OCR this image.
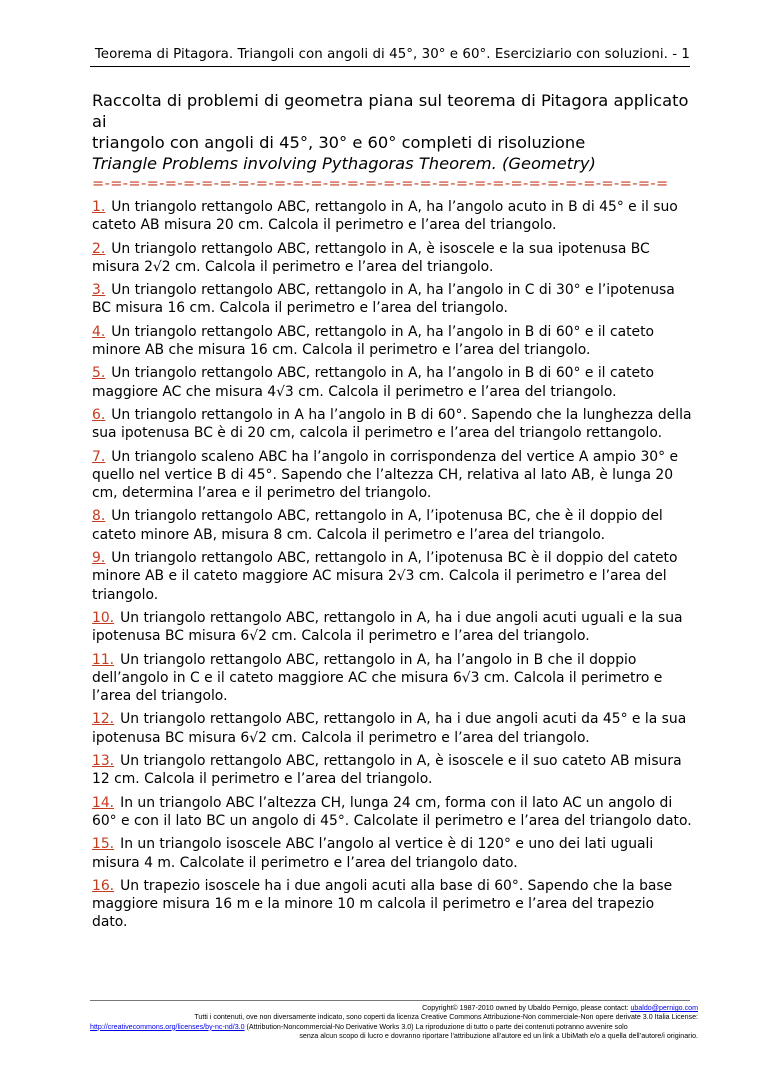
Teorema di Pitagora. Triangoli con angoli di 45°, 30° e 60°. Eserciziario con soluzioni. - 1

Raccolta di problemi di geometra piana sul teorema di Pitagora applicato ai

triangolo con angoli di 45°, 30° e 60° completi di risoluzione

Triangle Problems involving Pythagoras Theorem. (Geometry)

=-=-=-=-=-=-=-=-=-=-=-=-=-=-=-=-=-=-=-=-=-=-=-=-=-=-=-=-=-=-=-=

1. Un triangolo rettangolo ABC, rettangolo in A, ha l’angolo acuto in B di 45° e il suo cateto AB misura 20 cm. Calcola il perimetro e l’area del triangolo.

2. Un triangolo rettangolo ABC, rettangolo in A, è isoscele e la sua ipotenusa BC misura 2√2 cm. Calcola il perimetro e l’area del triangolo.

3. Un triangolo rettangolo ABC, rettangolo in A, ha l’angolo in C di 30° e l’ipotenusa BC misura 16 cm. Calcola il perimetro e l’area del triangolo.

4. Un triangolo rettangolo ABC, rettangolo in A, ha l’angolo in B di 60° e il cateto minore AB che misura 16 cm. Calcola il perimetro e l’area del triangolo.

5. Un triangolo rettangolo ABC, rettangolo in A, ha l’angolo in B di 60° e il cateto maggiore AC che misura 4√3 cm. Calcola il perimetro e l’area del triangolo.

6. Un triangolo rettangolo in A ha l’angolo in B di 60°. Sapendo che la lunghezza della sua ipotenusa BC è di 20 cm, calcola il perimetro e l’area del triangolo rettangolo.

7. Un triangolo scaleno ABC ha l’angolo in corrispondenza del vertice A ampio 30° e quello nel vertice B di 45°. Sapendo che l’altezza CH, relativa al lato AB, è lunga 20 cm, determina l’area e il perimetro del triangolo.

8. Un triangolo rettangolo ABC, rettangolo in A, l’ipotenusa BC, che è il doppio del cateto minore AB, misura 8 cm. Calcola il perimetro e l’area del triangolo.

9. Un triangolo rettangolo ABC, rettangolo in A, l’ipotenusa BC è il doppio del cateto minore AB e il cateto maggiore AC misura 2√3 cm. Calcola il perimetro e l’area del triangolo.

10. Un triangolo rettangolo ABC, rettangolo in A, ha i due angoli acuti uguali e la sua ipotenusa BC misura 6√2 cm. Calcola il perimetro e l’area del triangolo.

11. Un triangolo rettangolo ABC, rettangolo in A, ha l’angolo in B che il doppio dell’angolo in C e il cateto maggiore AC che misura 6√3 cm. Calcola il perimetro e l’area del triangolo.

12. Un triangolo rettangolo ABC, rettangolo in A, ha i due angoli acuti da 45° e la sua ipotenusa BC misura 6√2 cm. Calcola il perimetro e l’area del triangolo.

13. Un triangolo rettangolo ABC, rettangolo in A, è isoscele e il suo cateto AB misura 12 cm. Calcola il perimetro e l’area del triangolo.

14. In un triangolo ABC l’altezza CH, lunga 24 cm, forma con il lato AC un angolo di 60° e con il lato BC un angolo di 45°. Calcolate il perimetro e l’area del triangolo dato.

15. In un triangolo isoscele ABC l’angolo al vertice è di 120° e uno dei lati uguali misura 4 m. Calcolate il perimetro e l’area del triangolo dato.

16. Un trapezio isoscele ha i due angoli acuti alla base di 60°. Sapendo che la base maggiore misura 16 m e la minore 10 m calcola il perimetro e l’area del trapezio dato.

Copyright© 1987-2010 owned by Ubaldo Pernigo, please contact: ubaldo@pernigo.com
Tutti i contenuti, ove non diversamente indicato, sono coperti da licenza Creative Commons Attribuzione-Non commerciale-Non opere derivate 3.0 Italia License:
http://creativecommons.org/licenses/by-nc-nd/3.0 (Attribution-Noncommercial-No Derivative Works 3.0) La riproduzione di tutto o parte dei contenuti potranno avvenire solo
senza alcun scopo di lucro e dovranno riportare l’attribuzione all’autore ed un link a UbiMath e/o a quella dell’autore/i originario.
